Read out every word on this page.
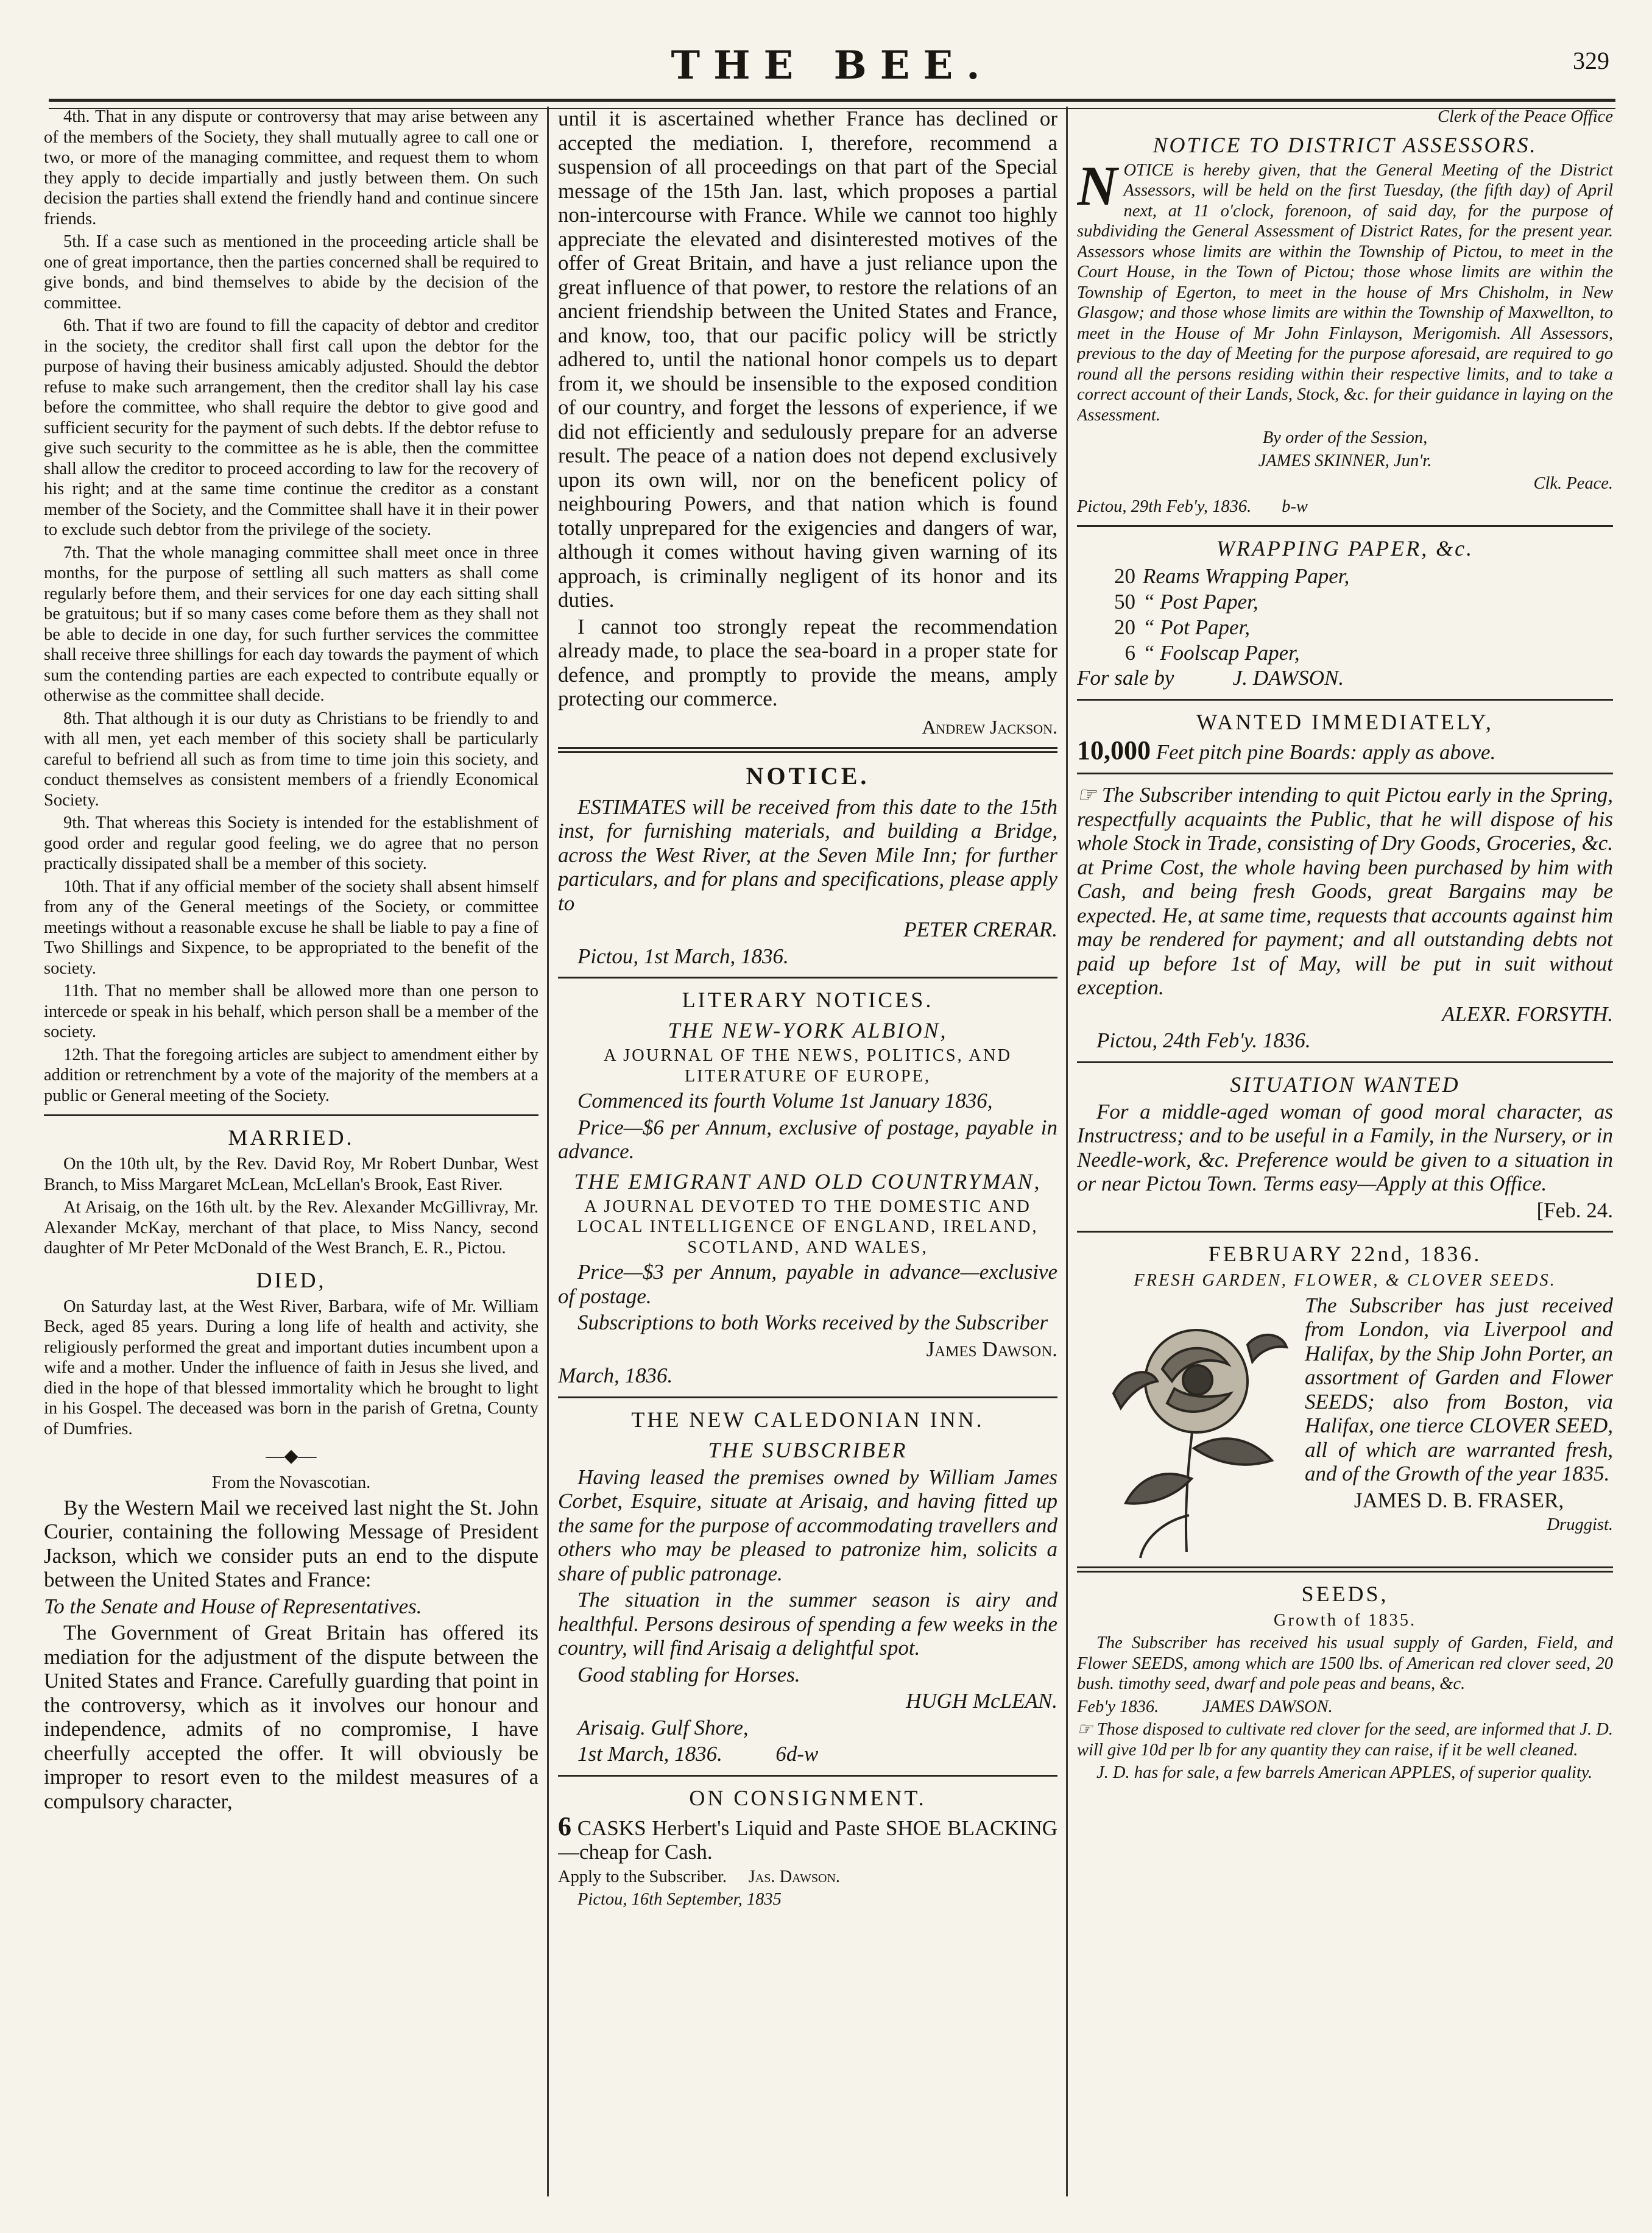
THE BEE.	329

4th. That in any dispute or controversy that may arise between any of the members of the Society, they shall mutually agree to call one or two, or more of the managing committee, and request them to whom they apply to decide impartially and justly between them. On such decision the parties shall extend the friendly hand and continue sincere friends.

5th. If a case such as mentioned in the proceeding article shall be one of great importance, then the parties concerned shall be required to give bonds, and bind themselves to abide by the decision of the committee.

6th. That if two are found to fill the capacity of debtor and creditor in the society, the creditor shall first call upon the debtor for the purpose of having their business amicably adjusted. Should the debtor refuse to make such arrangement, then the creditor shall lay his case before the committee, who shall require the debtor to give good and sufficient security for the payment of such debts. If the debtor refuse to give such security to the committee as he is able, then the committee shall allow the creditor to proceed according to law for the recovery of his right; and at the same time continue the creditor as a constant member of the Society, and the Committee shall have it in their power to exclude such debtor from the privilege of the society.

7th. That the whole managing committee shall meet once in three months, for the purpose of settling all such matters as shall come regularly before them, and their services for one day each sitting shall be gratuitous; but if so many cases come before them as they shall not be able to decide in one day, for such further services the committee shall receive three shillings for each day towards the payment of which sum the contending parties are each expected to contribute equally or otherwise as the committee shall decide.

8th. That although it is our duty as Christians to be friendly to and with all men, yet each member of this society shall be particularly careful to befriend all such as from time to time join this society, and conduct themselves as consistent members of a friendly Economical Society.

9th. That whereas this Society is intended for the establishment of good order and regular good feeling, we do agree that no person practically dissipated shall be a member of this society.

10th. That if any official member of the society shall absent himself from any of the General meetings of the Society, or committee meetings without a reasonable excuse he shall be liable to pay a fine of Two Shillings and Sixpence, to be appropriated to the benefit of the society.

11th. That no member shall be allowed more than one person to intercede or speak in his behalf, which person shall be a member of the society.

12th. That the foregoing articles are subject to amendment either by addition or retrenchment by a vote of the majority of the members at a public or General meeting of the Society.

MARRIED.

On the 10th ult, by the Rev. David Roy, Mr Robert Dunbar, West Branch, to Miss Margaret McLean, McLellan's Brook, East River.

At Arisaig, on the 16th ult. by the Rev. Alexander McGillivray, Mr. Alexander McKay, merchant of that place, to Miss Nancy, second daughter of Mr Peter McDonald of the West Branch, E. R., Pictou.

DIED,

On Saturday last, at the West River, Barbara, wife of Mr. William Beck, aged 85 years. During a long life of health and activity, she religiously performed the great and important duties incumbent upon a wife and a mother. Under the influence of faith in Jesus she lived, and died in the hope of that blessed immortality which he brought to light in his Gospel. The deceased was born in the parish of Gretna, County of Dumfries.

—◆—

From the Novascotian.

By the Western Mail we received last night the St. John Courier, containing the following Message of President Jackson, which we consider puts an end to the dispute between the United States and France:

To the Senate and House of Representatives.

The Government of Great Britain has offered its mediation for the adjustment of the dispute between the United States and France. Carefully guarding that point in the controversy, which as it involves our honour and independence, admits of no compromise, I have cheerfully accepted the offer. It will obviously be improper to resort even to the mildest measures of a compulsory character,

until it is ascertained whether France has declined or accepted the mediation. I, therefore, recommend a suspension of all proceedings on that part of the Special message of the 15th Jan. last, which proposes a partial non-intercourse with France. While we cannot too highly appreciate the elevated and disinterested motives of the offer of Great Britain, and have a just reliance upon the great influence of that power, to restore the relations of an ancient friendship between the United States and France, and know, too, that our pacific policy will be strictly adhered to, until the national honor compels us to depart from it, we should be insensible to the exposed condition of our country, and forget the lessons of experience, if we did not efficiently and sedulously prepare for an adverse result. The peace of a nation does not depend exclusively upon its own will, nor on the beneficent policy of neighbouring Powers, and that nation which is found totally unprepared for the exigencies and dangers of war, although it comes without having given warning of its approach, is criminally negligent of its honor and its duties.

I cannot too strongly repeat the recommendation already made, to place the sea-board in a proper state for defence, and promptly to provide the means, amply protecting our commerce.

Andrew Jackson.
NOTICE.

ESTIMATES will be received from this date to the 15th inst, for furnishing materials, and building a Bridge, across the West River, at the Seven Mile Inn; for further particulars, and for plans and specifications, please apply to

PETER CRERAR.

Pictou, 1st March, 1836.

LITERARY NOTICES.
THE NEW-YORK ALBION,

A JOURNAL OF THE NEWS, POLITICS, AND LITERATURE OF EUROPE,

Commenced its fourth Volume 1st January 1836,

Price—$6 per Annum, exclusive of postage, payable in advance.

THE EMIGRANT AND OLD COUNTRYMAN,

A JOURNAL DEVOTED TO THE DOMESTIC AND LOCAL INTELLIGENCE OF ENGLAND, IRELAND, SCOTLAND, AND WALES,

Price—$3 per Annum, payable in advance—exclusive of postage.

Subscriptions to both Works received by the Subscriber

James Dawson.

March, 1836.

THE NEW CALEDONIAN INN.
THE SUBSCRIBER

Having leased the premises owned by William James Corbet, Esquire, situate at Arisaig, and having fitted up the same for the purpose of accommodating travellers and others who may be pleased to patronize him, solicits a share of public patronage.

The situation in the summer season is airy and healthful. Persons desirous of spending a few weeks in the country, will find Arisaig a delightful spot.

Good stabling for Horses.

HUGH McLEAN.

Arisaig. Gulf Shore,

1st March, 1836.	6d-w

ON CONSIGNMENT.

6 CASKS Herbert's Liquid and Paste SHOE BLACKING—cheap for Cash.

Apply to the Subscriber. Jas. Dawson.

Pictou, 16th September, 1835

Clerk of the Peace Office

NOTICE TO DISTRICT ASSESSORS.

NOTICE is hereby given, that the General Meeting of the District Assessors, will be held on the first Tuesday, (the fifth day) of April next, at 11 o'clock, forenoon, of said day, for the purpose of subdividing the General Assessment of District Rates, for the present year. Assessors whose limits are within the Township of Pictou, to meet in the Court House, in the Town of Pictou; those whose limits are within the Township of Egerton, to meet in the house of Mrs Chisholm, in New Glasgow; and those whose limits are within the Township of Maxwellton, to meet in the House of Mr John Finlayson, Merigomish. All Assessors, previous to the day of Meeting for the purpose aforesaid, are required to go round all the persons residing within their respective limits, and to take a correct account of their Lands, Stock, &c. for their guidance in laying on the Assessment.

By order of the Session,

JAMES SKINNER, Jun'r.

Clk. Peace.

Pictou, 29th Feb'y, 1836. b-w

WRAPPING PAPER, &c.
20	Reams Wrapping Paper,
50	“ Post Paper,
20	“ Pot Paper,
6	“ Foolscap Paper,

For sale by	J. DAWSON.

WANTED IMMEDIATELY,

10,000 Feet pitch pine Boards: apply as above.

☞ The Subscriber intending to quit Pictou early in the Spring, respectfully acquaints the Public, that he will dispose of his whole Stock in Trade, consisting of Dry Goods, Groceries, &c. at Prime Cost, the whole having been purchased by him with Cash, and being fresh Goods, great Bargains may be expected. He, at same time, requests that accounts against him may be rendered for payment; and all outstanding debts not paid up before 1st of May, will be put in suit without exception.

ALEXR. FORSYTH.

Pictou, 24th Feb'y. 1836.

SITUATION WANTED

For a middle-aged woman of good moral character, as Instructress; and to be useful in a Family, in the Nursery, or in Needle-work, &c. Preference would be given to a situation in or near Pictou Town. Terms easy—Apply at this Office.

[Feb. 24.

FEBRUARY 22nd, 1836.

FRESH GARDEN, FLOWER, & CLOVER SEEDS.

The Subscriber has just received from London, via Liverpool and Halifax, by the Ship John Porter, an assortment of Garden and Flower SEEDS; also from Boston, via Halifax, one tierce CLOVER SEED, all of which are warranted fresh, and of the Growth of the year 1835.

JAMES D. B. FRASER,

Druggist.

SEEDS,

Growth of 1835.

The Subscriber has received his usual supply of Garden, Field, and Flower SEEDS, among which are 1500 lbs. of American red clover seed, 20 bush. timothy seed, dwarf and pole peas and beans, &c.

Feb'y 1836.	JAMES DAWSON.

☞ Those disposed to cultivate red clover for the seed, are informed that J. D. will give 10d per lb for any quantity they can raise, if it be well cleaned.

J. D. has for sale, a few barrels American APPLES, of superior quality.
